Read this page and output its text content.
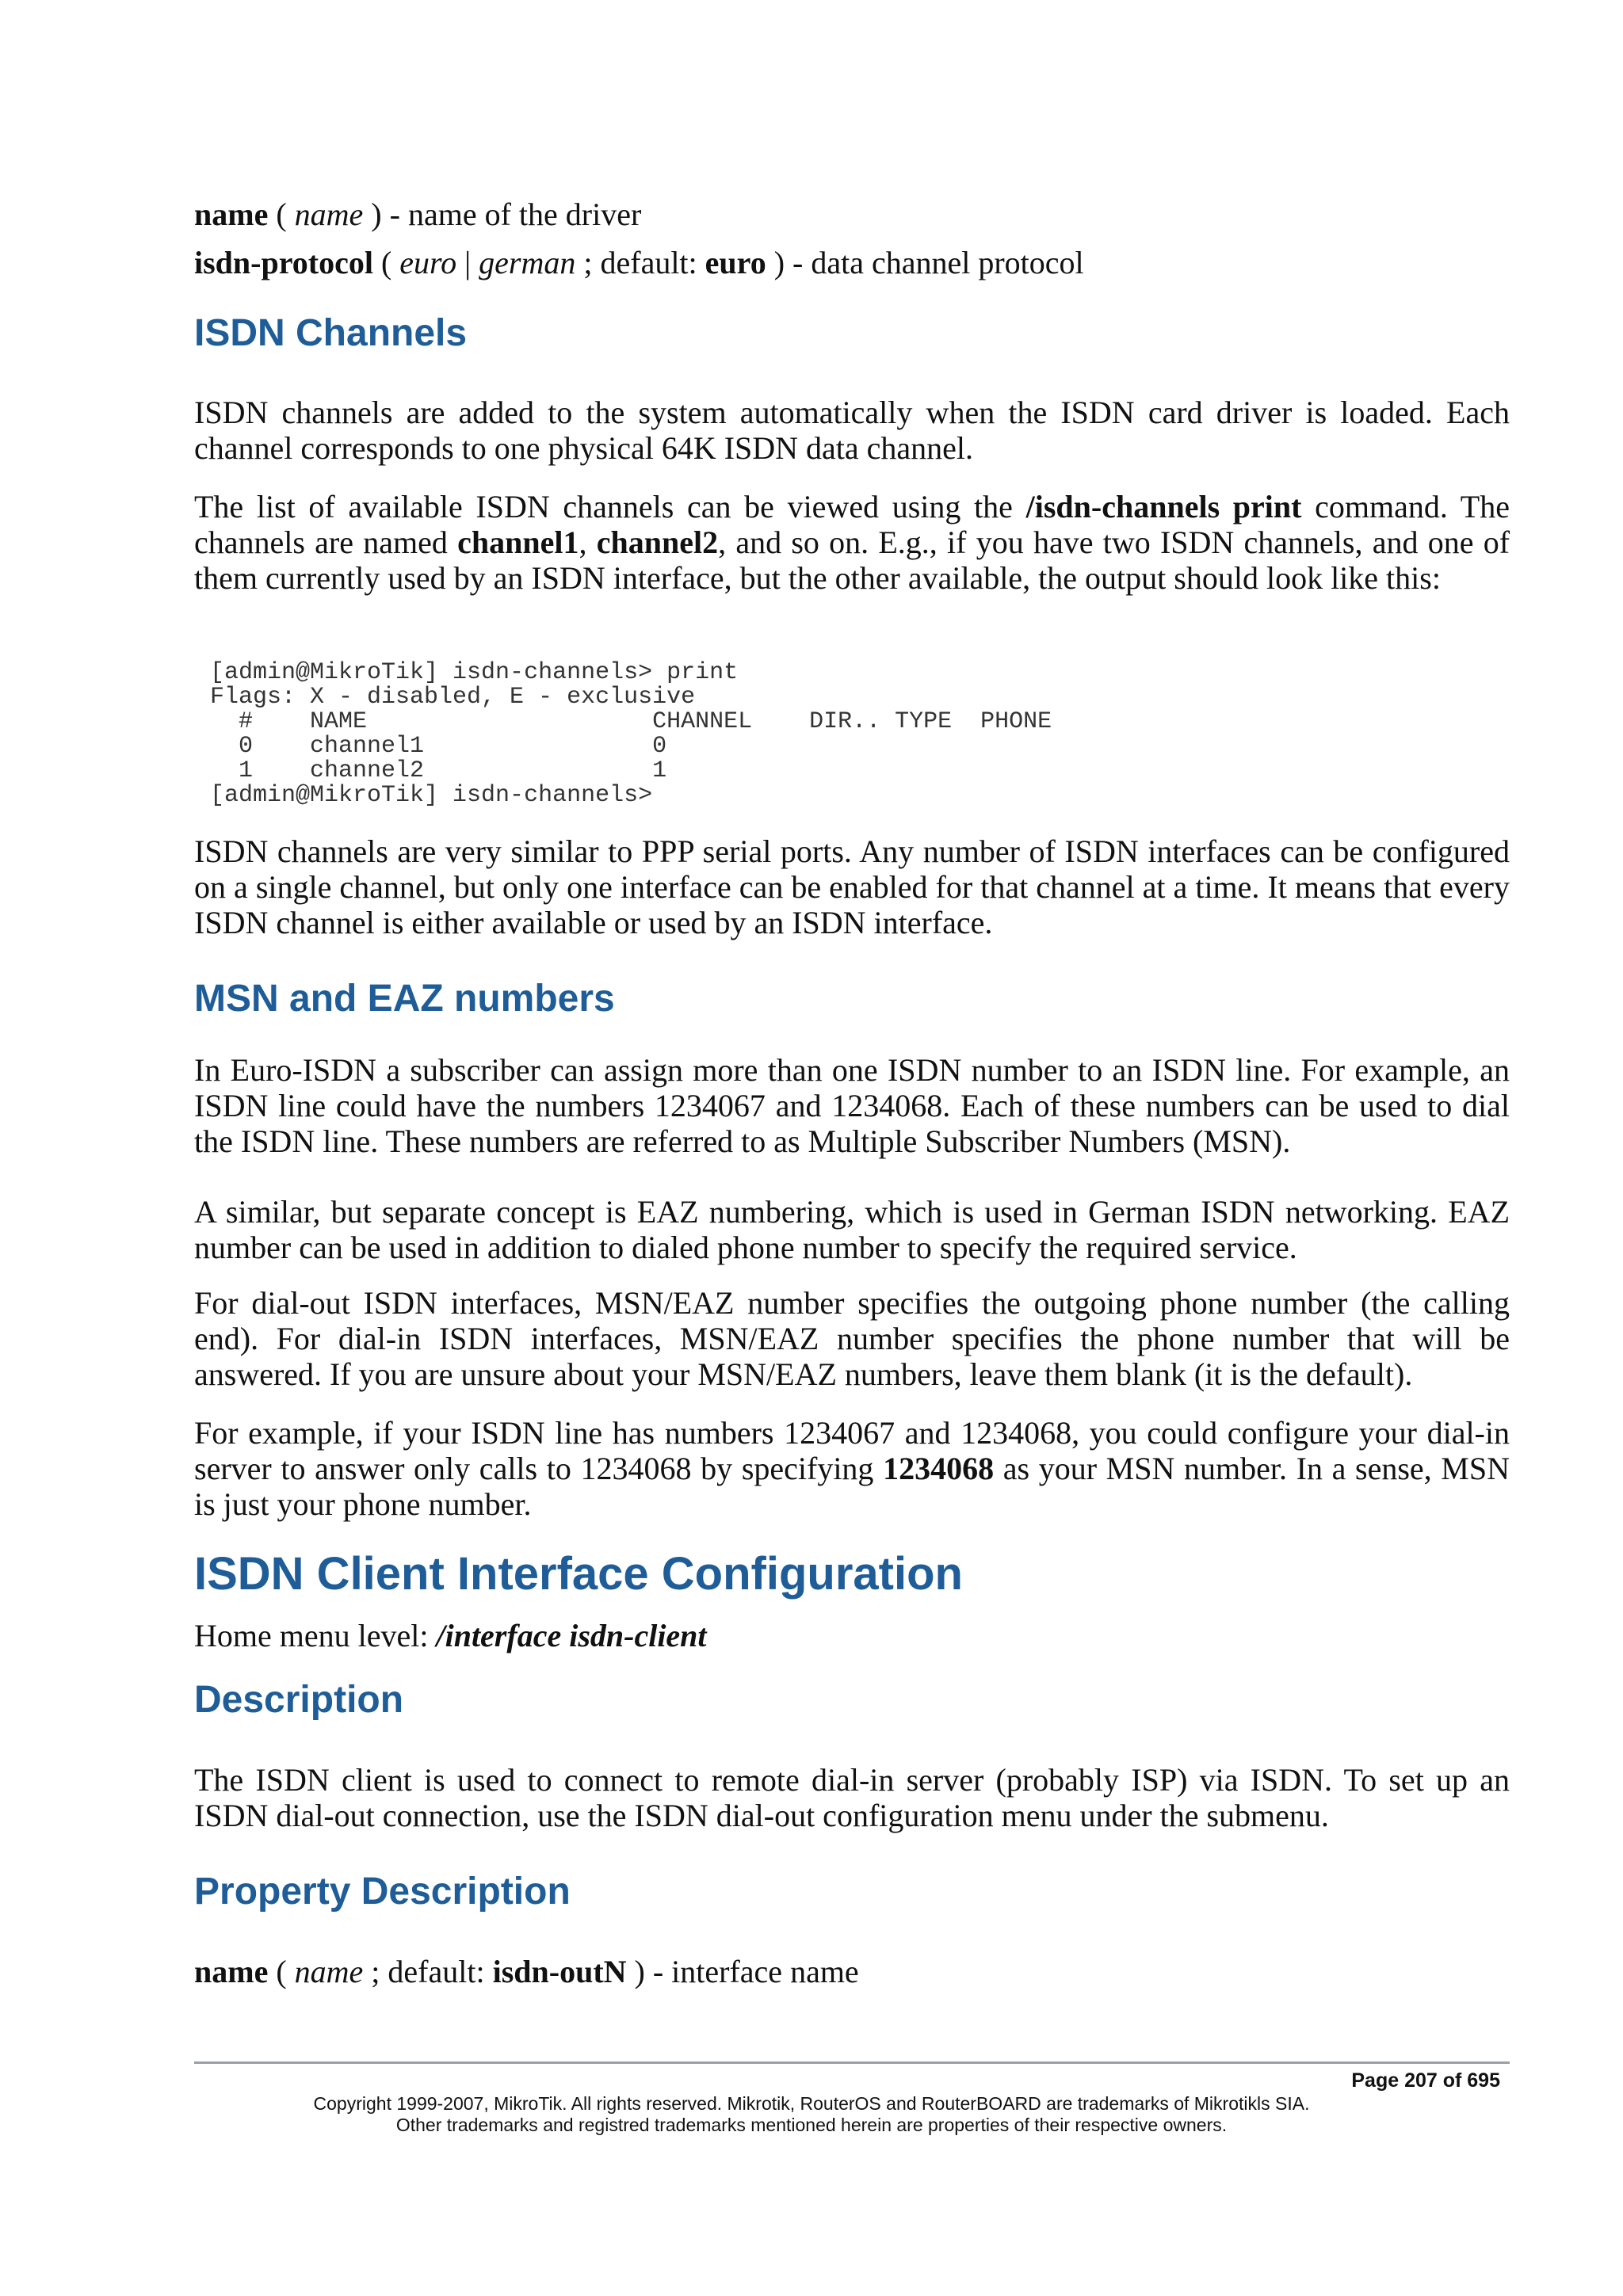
name ( name ) - name of the driver

isdn-protocol ( euro | german ; default: euro ) - data channel protocol

ISDN Channels

ISDN channels are added to the system automatically when the ISDN card driver is loaded. Each channel corresponds to one physical 64K ISDN data channel.

The list of available ISDN channels can be viewed using the /isdn-channels print command. The channels are named channel1, channel2, and so on. E.g., if you have two ISDN channels, and one of them currently used by an ISDN interface, but the other available, the output should look like this:

[admin@MikroTik] isdn-channels> print
Flags: X - disabled, E - exclusive
#    NAME                    CHANNEL    DIR.. TYPE  PHONE
0    channel1                0
1    channel2                1
[admin@MikroTik] isdn-channels>

ISDN channels are very similar to PPP serial ports. Any number of ISDN interfaces can be configured on a single channel, but only one interface can be enabled for that channel at a time. It means that every ISDN channel is either available or used by an ISDN interface.

MSN and EAZ numbers

In Euro-ISDN a subscriber can assign more than one ISDN number to an ISDN line. For example, an ISDN line could have the numbers 1234067 and 1234068. Each of these numbers can be used to dial the ISDN line. These numbers are referred to as Multiple Subscriber Numbers (MSN).

A similar, but separate concept is EAZ numbering, which is used in German ISDN networking. EAZ number can be used in addition to dialed phone number to specify the required service.

For dial-out ISDN interfaces, MSN/EAZ number specifies the outgoing phone number (the calling end). For dial-in ISDN interfaces, MSN/EAZ number specifies the phone number that will be answered. If you are unsure about your MSN/EAZ numbers, leave them blank (it is the default).

For example, if your ISDN line has numbers 1234067 and 1234068, you could configure your dial-in server to answer only calls to 1234068 by specifying 1234068 as your MSN number. In a sense, MSN is just your phone number.

ISDN Client Interface Configuration

Home menu level: /interface isdn-client

Description

The ISDN client is used to connect to remote dial-in server (probably ISP) via ISDN. To set up an ISDN dial-out connection, use the ISDN dial-out configuration menu under the submenu.

Property Description

name ( name ; default: isdn-outN ) - interface name

Page 207 of 695
Copyright 1999-2007, MikroTik. All rights reserved. Mikrotik, RouterOS and RouterBOARD are trademarks of Mikrotikls SIA.
Other trademarks and registred trademarks mentioned herein are properties of their respective owners.
